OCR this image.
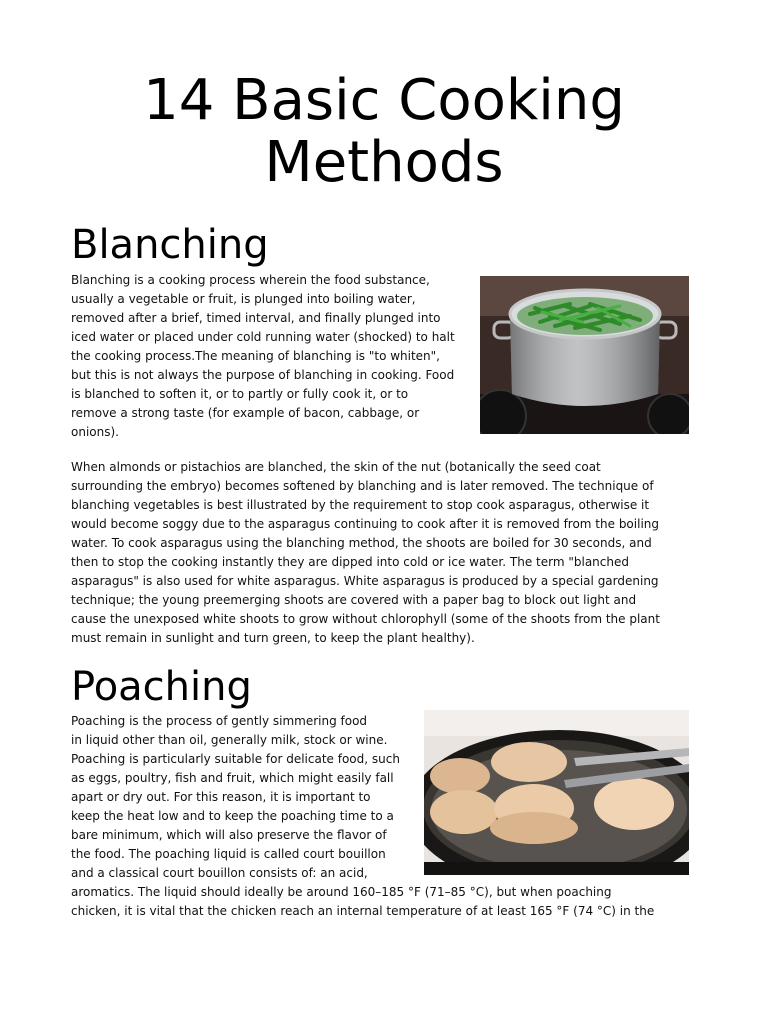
14 Basic Cooking
Methods
Blanching
Blanching is a cooking process wherein the food substance,
usually a vegetable or fruit, is plunged into boiling water,
removed after a brief, timed interval, and finally plunged into
iced water or placed under cold running water (shocked) to halt
the cooking process.The meaning of blanching is "to whiten",
but this is not always the purpose of blanching in cooking. Food
is blanched to soften it, or to partly or fully cook it, or to
remove a strong taste (for example of bacon, cabbage, or
onions).
When almonds or pistachios are blanched, the skin of the nut (botanically the seed coat
surrounding the embryo) becomes softened by blanching and is later removed. The technique of
blanching vegetables is best illustrated by the requirement to stop cook asparagus, otherwise it
would become soggy due to the asparagus continuing to cook after it is removed from the boiling
water. To cook asparagus using the blanching method, the shoots are boiled for 30 seconds, and
then to stop the cooking instantly they are dipped into cold or ice water. The term "blanched
asparagus" is also used for white asparagus. White asparagus is produced by a special gardening
technique; the young preemerging shoots are covered with a paper bag to block out light and
cause the unexposed white shoots to grow without chlorophyll (some of the shoots from the plant
must remain in sunlight and turn green, to keep the plant healthy).
Poaching
Poaching is the process of gently simmering food
in liquid other than oil, generally milk, stock or wine.
Poaching is particularly suitable for delicate food, such
as eggs, poultry, fish and fruit, which might easily fall
apart or dry out. For this reason, it is important to
keep the heat low and to keep the poaching time to a
bare minimum, which will also preserve the flavor of
the food. The poaching liquid is called court bouillon
and a classical court bouillon consists of: an acid,
aromatics. The liquid should ideally be around 160–185 °F (71–85 °C), but when poaching
chicken, it is vital that the chicken reach an internal temperature of at least 165 °F (74 °C) in the
